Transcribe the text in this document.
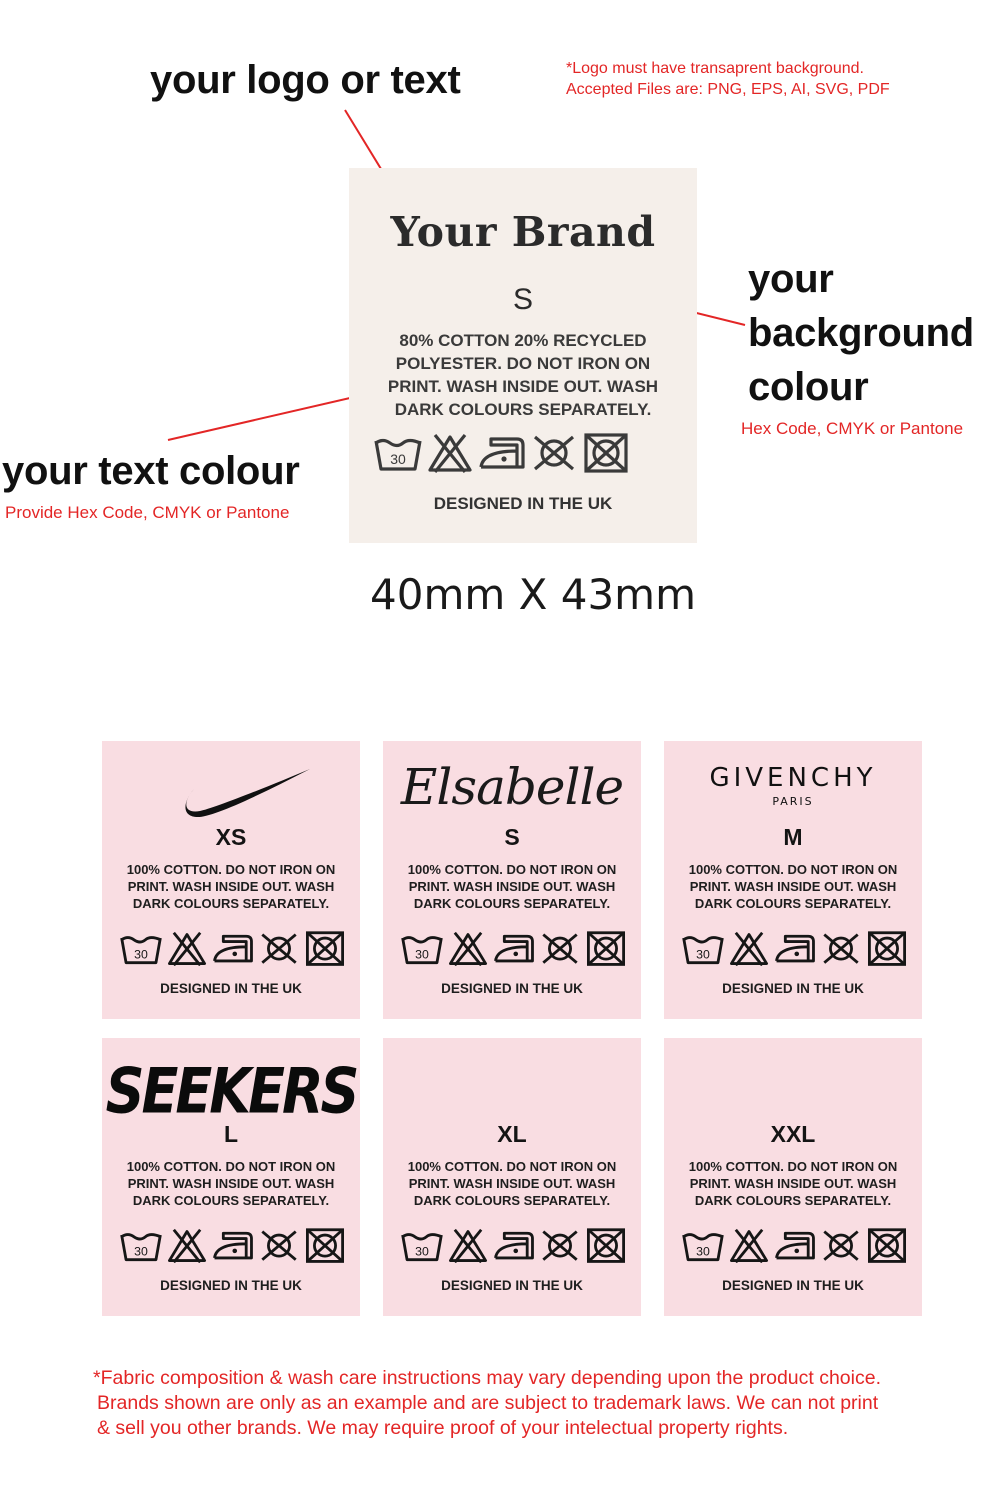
your logo or text	*Logo must have transaprent background.
Accepted Files are: PNG, EPS, AI, SVG, PDF
your
background
colour
Hex Code, CMYK or Pantone
your text colour
Provide Hex Code, CMYK or Pantone
Your Brand
S
80% COTTON 20% RECYCLED
POLYESTER. DO NOT IRON ON
PRINT. WASH INSIDE OUT. WASH
DARK COLOURS SEPARATELY.
30
DESIGNED IN THE UK
40mm X 43mm
XS
100% COTTON. DO NOT IRON ON
PRINT. WASH INSIDE OUT. WASH
DARK COLOURS SEPARATELY.
30
DESIGNED IN THE UK
Elsabelle
S
100% COTTON. DO NOT IRON ON
PRINT. WASH INSIDE OUT. WASH
DARK COLOURS SEPARATELY.
30
DESIGNED IN THE UK
GIVENCHY
PARIS
M
100% COTTON. DO NOT IRON ON
PRINT. WASH INSIDE OUT. WASH
DARK COLOURS SEPARATELY.
30
DESIGNED IN THE UK
SEEKERS
L
100% COTTON. DO NOT IRON ON
PRINT. WASH INSIDE OUT. WASH
DARK COLOURS SEPARATELY.
30
DESIGNED IN THE UK
XL
100% COTTON. DO NOT IRON ON
PRINT. WASH INSIDE OUT. WASH
DARK COLOURS SEPARATELY.
30
DESIGNED IN THE UK
XXL
100% COTTON. DO NOT IRON ON
PRINT. WASH INSIDE OUT. WASH
DARK COLOURS SEPARATELY.
30
DESIGNED IN THE UK
*Fabric composition & wash care instructions may vary depending upon the product choice.
Brands shown are only as an example and are subject to trademark laws. We can not print
& sell you other brands. We may require proof of your intelectual property rights.
